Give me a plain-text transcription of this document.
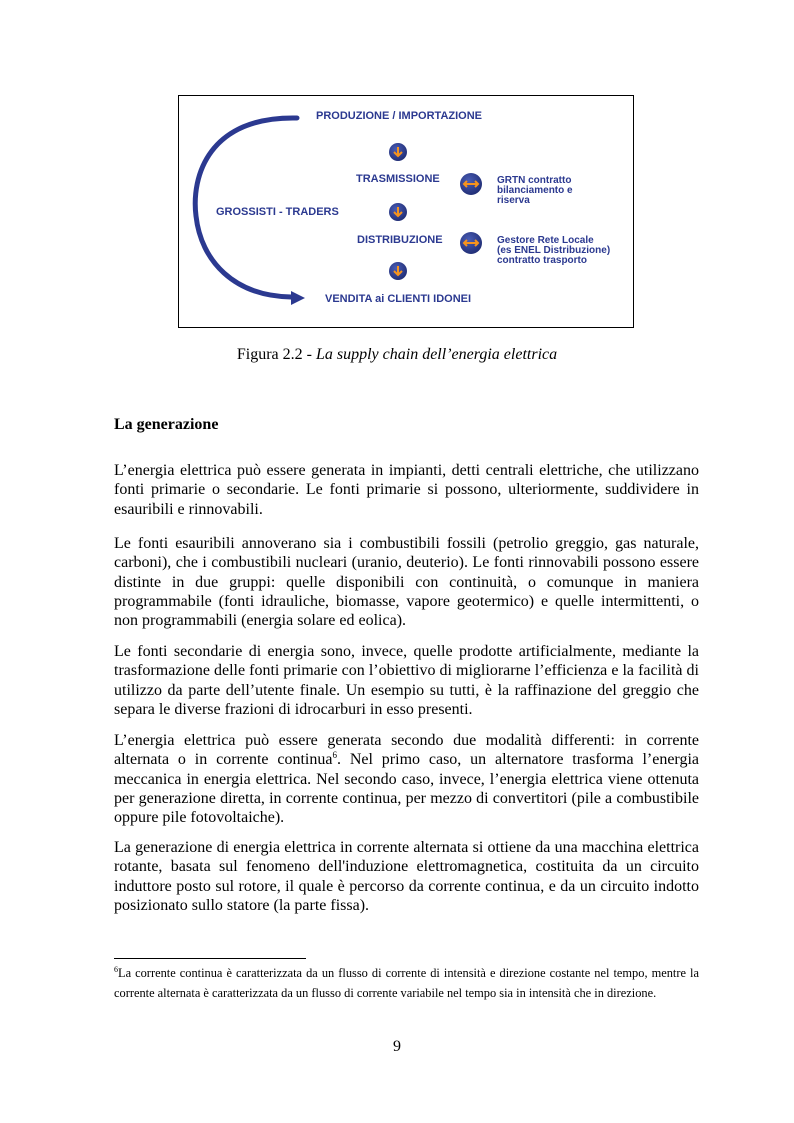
PRODUZIONE / IMPORTAZIONE
GROSSISTI - TRADERS
TRASMISSIONE
DISTRIBUZIONE
VENDITA ai CLIENTI IDONEI
GRTN contratto
bilanciamento e
riserva
Gestore Rete Locale
(es ENEL Distribuzione)
contratto trasporto
Figura 2.2 - La supply chain dell’energia elettrica
La generazione
L’energia elettrica può essere generata in impianti, detti centrali elettriche, che utilizzano fonti primarie o secondarie. Le fonti primarie si possono, ulteriormente, suddividere in esauribili e rinnovabili.
Le fonti esauribili annoverano sia i combustibili fossili (petrolio greggio, gas naturale, carboni), che i combustibili nucleari (uranio, deuterio). Le fonti rinnovabili possono essere distinte in due gruppi: quelle disponibili con continuità, o comunque in maniera programmabile (fonti idrauliche, biomasse, vapore geotermico) e quelle intermittenti, o non programmabili (energia solare ed eolica).
Le fonti secondarie di energia sono, invece, quelle prodotte artificialmente, mediante la trasformazione delle fonti primarie con l’obiettivo di migliorarne l’efficienza e la facilità di utilizzo da parte dell’utente finale. Un esempio su tutti, è la raffinazione del greggio che separa le diverse frazioni di idrocarburi in esso presenti.
L’energia elettrica può essere generata secondo due modalità differenti: in corrente alternata o in corrente continua$^6$. Nel primo caso, un alternatore trasforma l’energia meccanica in energia elettrica. Nel secondo caso, invece, l’energia elettrica viene ottenuta per generazione diretta, in corrente continua, per mezzo di convertitori (pile a combustibile oppure pile fotovoltaiche).
La generazione di energia elettrica in corrente alternata si ottiene da una macchina elettrica rotante, basata sul fenomeno dell'induzione elettromagnetica, costituita da un circuito induttore posto sul rotore, il quale è percorso da corrente continua, e da un circuito indotto posizionato sullo statore (la parte fissa).
$^6$La corrente continua è caratterizzata da un flusso di corrente di intensità e direzione costante nel tempo, mentre la corrente alternata è caratterizzata da un flusso di corrente variabile nel tempo sia in intensità che in direzione.
9
